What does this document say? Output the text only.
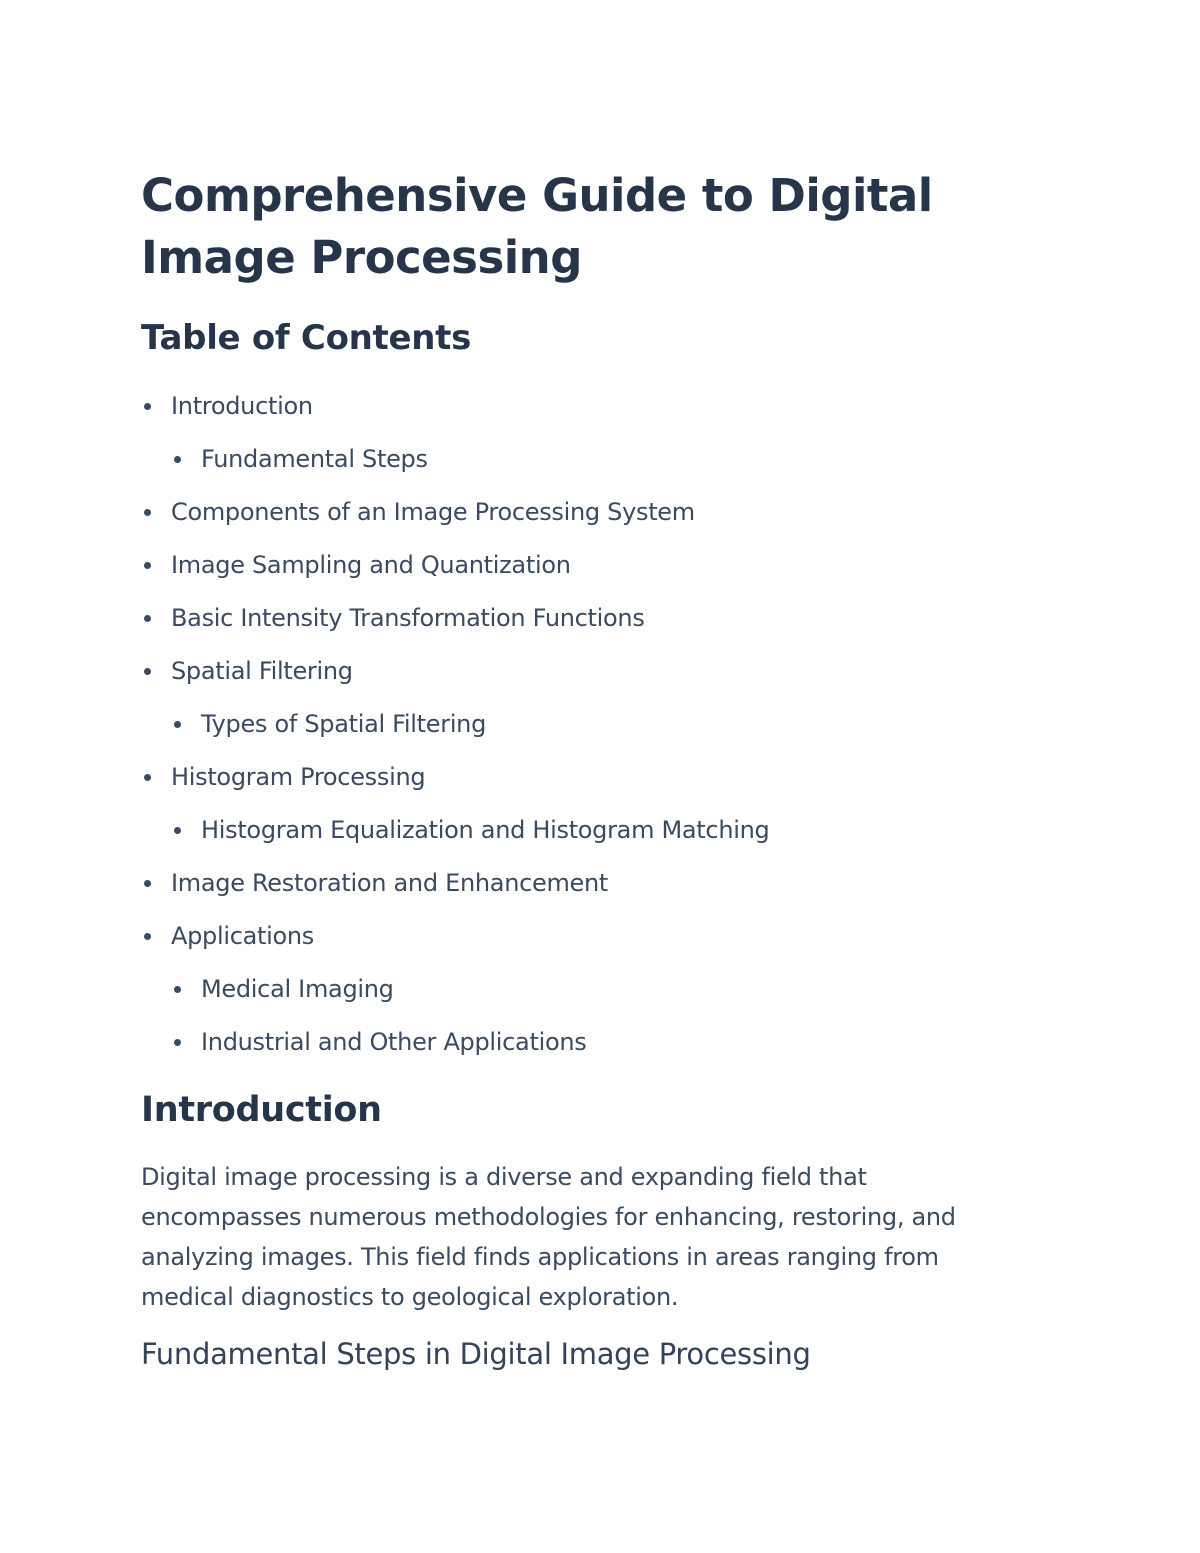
Comprehensive Guide to Digital Image Processing
Table of Contents
Introduction
Fundamental Steps
Components of an Image Processing System
Image Sampling and Quantization
Basic Intensity Transformation Functions
Spatial Filtering
Types of Spatial Filtering
Histogram Processing
Histogram Equalization and Histogram Matching
Image Restoration and Enhancement
Applications
Medical Imaging
Industrial and Other Applications
Introduction

Digital image processing is a diverse and expanding field that encompasses numerous methodologies for enhancing, restoring, and analyzing images. This field finds applications in areas ranging from medical diagnostics to geological exploration.

Fundamental Steps in Digital Image Processing
